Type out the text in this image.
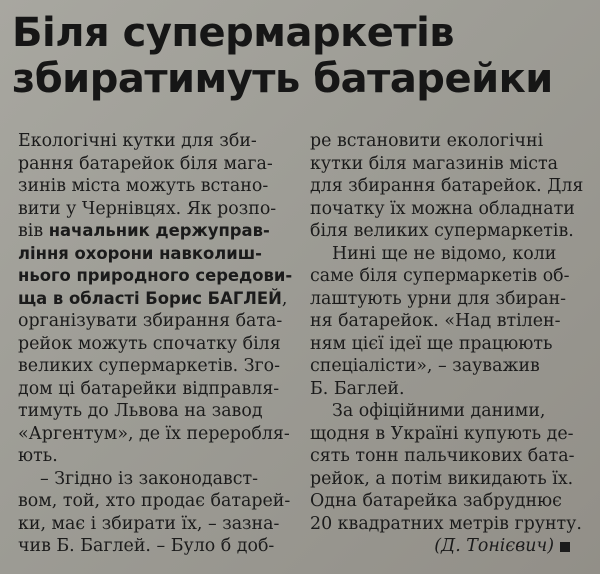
Біля супермаркетів
збиратимуть батарейки
Екологічні кутки для зби-
рання батарейок біля мага-
зинів міста можуть встано-
вити у Чернівцях. Як розпо-
вів начальник держуправ-
ління охорони навколиш-
нього природного середови-
ща в області Борис БАГЛЕЙ,
організувати збирання бата-
рейок можуть спочатку біля
великих супермаркетів. Зго-
дом ці батарейки відправля-
тимуть до Львова на завод
«Аргентум», де їх переробля-
ють.
– Згідно із законодавст-
вом, той, хто продає батарей-
ки, має і збирати їх, – зазна-
чив Б. Баглей. – Було б доб-
ре встановити екологічні
кутки біля магазинів міста
для збирання батарейок. Для
початку їх можна обладнати
біля великих супермаркетів.
Нині ще не відомо, коли
саме біля супермаркетів об-
лаштують урни для збиран-
ня батарейок. «Над втілен-
ням цієї ідеї ще працюють
спеціалісти», – зауважив
Б. Баглей.
За офіційними даними,
щодня в Україні купують де-
сять тонн пальчикових бата-
рейок, а потім викидають їх.
Одна батарейка забруднює
20 квадратних метрів грунту.
(Д. Тонієвич)
